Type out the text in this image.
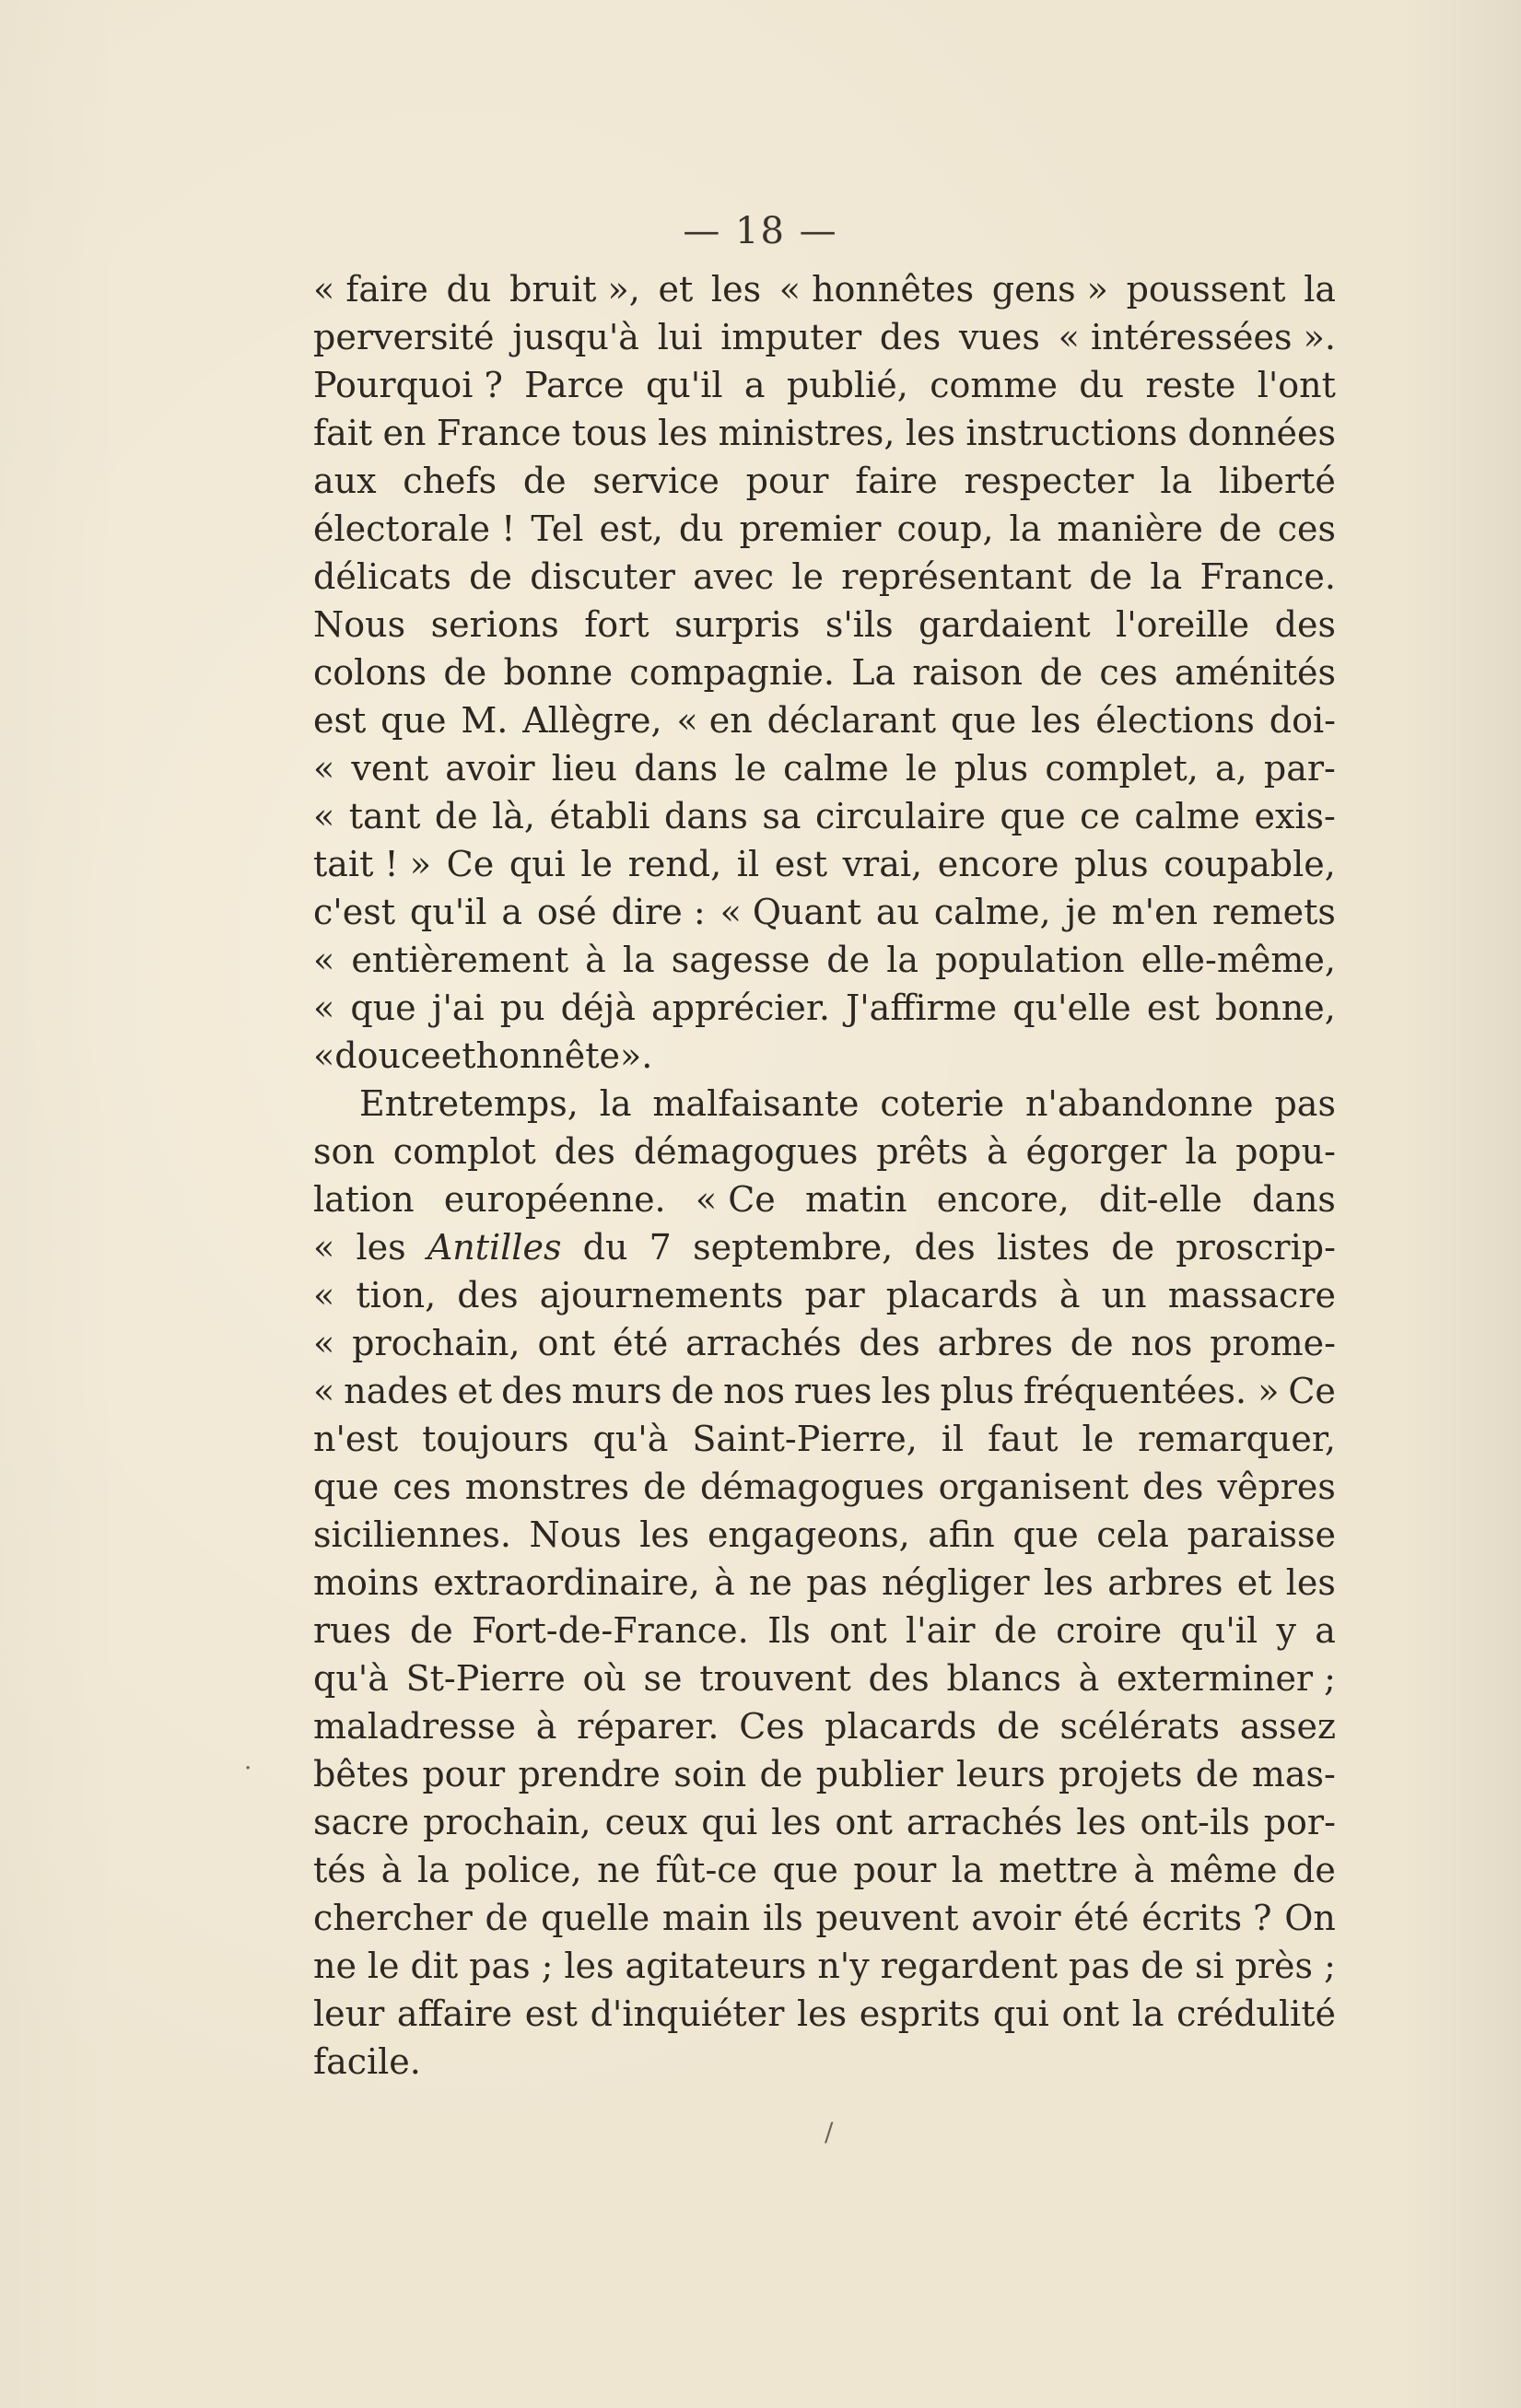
— 18 —
« faire du bruit », et les « honnêtes gens » poussent la
perversité jusqu'à lui imputer des vues « intéressées ».
Pourquoi ? Parce qu'il a publié, comme du reste l'ont
fait en France tous les ministres, les instructions données
aux chefs de service pour faire respecter la liberté
électorale ! Tel est, du premier coup, la manière de ces
délicats de discuter avec le représentant de la France.
Nous serions fort surpris s'ils gardaient l'oreille des
colons de bonne compagnie. La raison de ces aménités
est que M. Allègre, « en déclarant que les élections doi-
« vent avoir lieu dans le calme le plus complet, a, par-
« tant de là, établi dans sa circulaire que ce calme exis-
tait ! » Ce qui le rend, il est vrai, encore plus coupable,
c'est qu'il a osé dire : « Quant au calme, je m'en remets
« entièrement à la sagesse de la population elle-même,
« que j'ai pu déjà apprécier. J'affirme qu'elle est bonne,
« douce et honnête ».
Entretemps, la malfaisante coterie n'abandonne pas
son complot des démagogues prêts à égorger la popu-
lation européenne. « Ce matin encore, dit-elle dans
« les Antilles du 7 septembre, des listes de proscrip-
« tion, des ajournements par placards à un massacre
« prochain, ont été arrachés des arbres de nos prome-
« nades et des murs de nos rues les plus fréquentées. » Ce
n'est toujours qu'à Saint-Pierre, il faut le remarquer,
que ces monstres de démagogues organisent des vêpres
siciliennes. Nous les engageons, afin que cela paraisse
moins extraordinaire, à ne pas négliger les arbres et les
rues de Fort-de-France. Ils ont l'air de croire qu'il y a
qu'à St-Pierre où se trouvent des blancs à exterminer ;
maladresse à réparer. Ces placards de scélérats assez
bêtes pour prendre soin de publier leurs projets de mas-
sacre prochain, ceux qui les ont arrachés les ont-ils por-
tés à la police, ne fût-ce que pour la mettre à même de
chercher de quelle main ils peuvent avoir été écrits ? On
ne le dit pas ; les agitateurs n'y regardent pas de si près ;
leur affaire est d'inquiéter les esprits qui ont la crédulité
facile.
·
/
